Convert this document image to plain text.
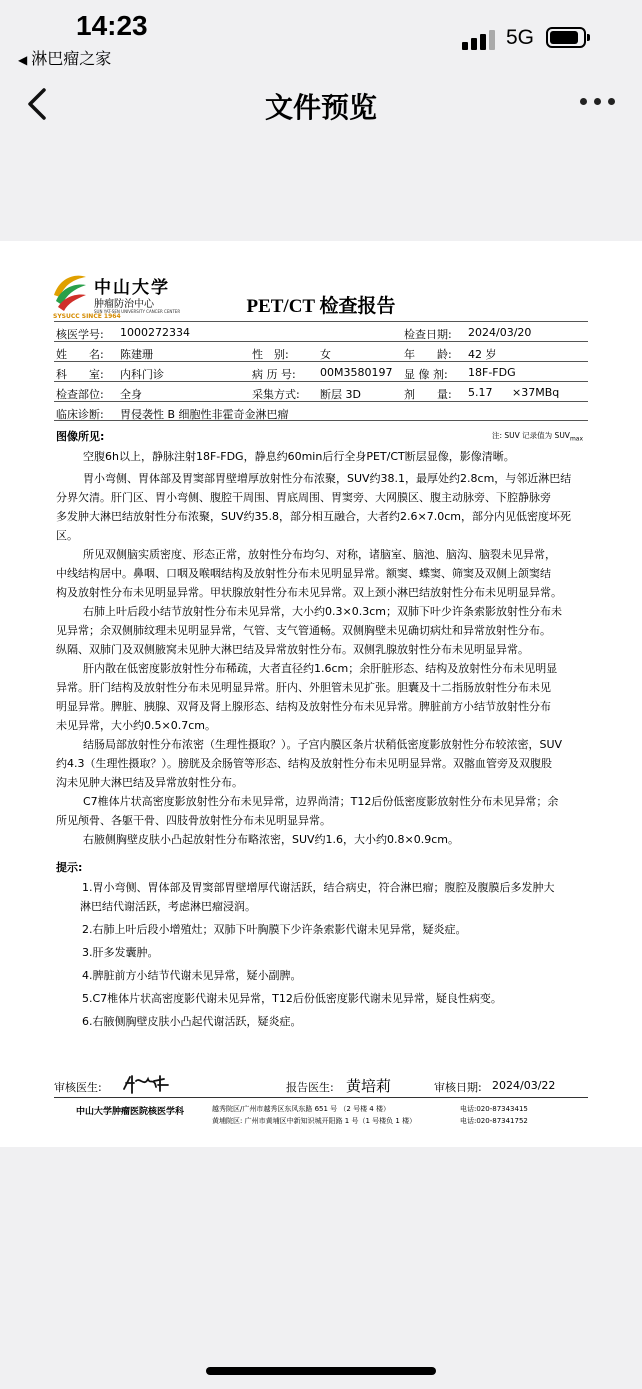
14:23
◀ 淋巴瘤之家
5G
文件预览
SYSUCC SINCE 1964
中山大学
肿瘤防治中心
SUN YAT-SEN UNIVERSITY CANCER CENTER	PET/CT 检查报告
核医学号: 1000272334	检查日期: 2024/03/20
姓　　名: 陈建珊	性　别:	女	年　　龄: 42 岁
科　　室: 内科门诊	病 历 号: 00M3580197 显 像 剂: 18F-FDG
检查部位: 全身	采集方式: 断层 3D	剂　　量: 5.17 ×37MBq
临床诊断: 胃侵袭性 B 细胞性非霍奇金淋巴瘤
图像所见:	注: SUV 记录值为 $SUV_{max}$
空腹6h以上，静脉注射18F-FDG，静息约60min后行全身PET/CT断层显像，影像清晰。
胃小弯侧、胃体部及胃窦部胃壁增厚放射性分布浓聚，SUV约38.1，最厚处约2.8cm，与邻近淋巴结
分界欠清。肝门区、胃小弯侧、腹腔干周围、胃底周围、胃窦旁、大网膜区、腹主动脉旁、下腔静脉旁
多发肿大淋巴结放射性分布浓聚，SUV约35.8，部分相互融合，大者约2.6×7.0cm，部分内见低密度坏死
区。
所见双侧脑实质密度、形态正常，放射性分布均匀、对称，诸脑室、脑池、脑沟、脑裂未见异常，
中线结构居中。鼻咽、口咽及喉咽结构及放射性分布未见明显异常。额窦、蝶窦、筛窦及双侧上颌窦结
构及放射性分布未见明显异常。甲状腺放射性分布未见异常。双上颈小淋巴结放射性分布未见明显异常。
右肺上叶后段小结节放射性分布未见异常，大小约0.3×0.3cm；双肺下叶少许条索影放射性分布未
见异常；余双侧肺纹理未见明显异常，气管、支气管通畅。双侧胸壁未见确切病灶和异常放射性分布。
纵隔、双肺门及双侧腋窝未见肿大淋巴结及异常放射性分布。双侧乳腺放射性分布未见明显异常。
肝内散在低密度影放射性分布稀疏，大者直径约1.6cm；余肝脏形态、结构及放射性分布未见明显
异常。肝门结构及放射性分布未见明显异常。肝内、外胆管未见扩张。胆囊及十二指肠放射性分布未见
明显异常。脾脏、胰腺、双肾及肾上腺形态、结构及放射性分布未见异常。脾脏前方小结节放射性分布
未见异常，大小约0.5×0.7cm。
结肠局部放射性分布浓密（生理性摄取？）。子宫内膜区条片状稍低密度影放射性分布较浓密，SUV
约4.3（生理性摄取？）。膀胱及余肠管等形态、结构及放射性分布未见明显异常。双髂血管旁及双腹股
沟未见肿大淋巴结及异常放射性分布。
C7椎体片状高密度影放射性分布未见异常，边界尚清；T12后份低密度影放射性分布未见异常；余
所见颅骨、各躯干骨、四肢骨放射性分布未见明显异常。
右腋侧胸壁皮肤小凸起放射性分布略浓密，SUV约1.6，大小约0.8×0.9cm。
提示:
1.胃小弯侧、胃体部及胃窦部胃壁增厚代谢活跃，结合病史，符合淋巴瘤；腹腔及腹膜后多发肿大
淋巴结代谢活跃，考虑淋巴瘤浸润。
2.右肺上叶后段小增殖灶；双肺下叶胸膜下少许条索影代谢未见异常，疑炎症。
3.肝多发囊肿。
4.脾脏前方小结节代谢未见异常，疑小副脾。
5.C7椎体片状高密度影代谢未见异常，T12后份低密度影代谢未见异常，疑良性病变。
6.右腋侧胸壁皮肤小凸起代谢活跃，疑炎症。
审核医生:	报告医生: 黄培莉	审核日期: 2024/03/22
中山大学肿瘤医院核医学科	越秀院区/广州市越秀区东风东路 651 号 （2 号楼 4 楼）
黄埔院区: 广州市黄埔区中新知识城开阳路 1 号（1 号楼负 1 楼）
电话:020-87343415
电话:020-87341752
